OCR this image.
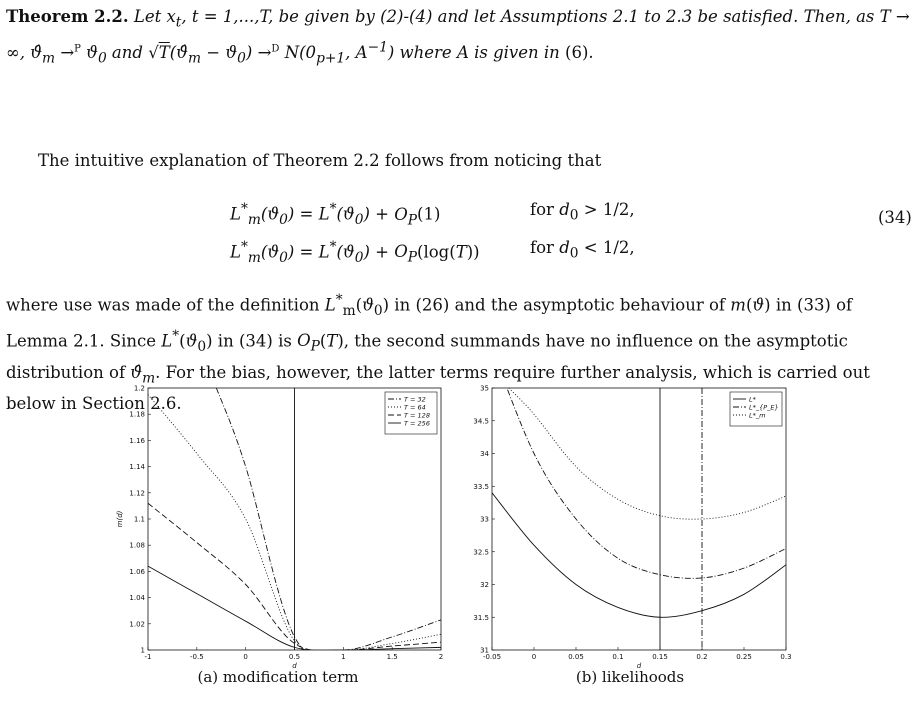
Theorem 2.2. Let $x_t$, t = 1,...,T, be given by (2)-(4) and let Assumptions 2.1 to 2.3 be satisfied. Then, as T → ∞, $ϑ̂_m \to^P$ $ϑ_0$ and $√T(ϑ̂_m - ϑ_0) \to^D$ $N(0_{p+1}$, $A^{-1}$) where A is given in (6).
The intuitive explanation of Theorem 2.2 follows from noticing that
$L^*_m(ϑ_0) = L^*(ϑ_0) + O_P(1)$	for $d_0 > 1/2$,
$L^*_m(ϑ_0) = L^*(ϑ_0) + O_P(\log(T))$	for $d_0 < 1/2$,
(34)
where use was made of the definition $L^*_m(ϑ_0)$ in (26) and the asymptotic behaviour of m(ϑ) in (33) of Lemma 2.1. Since $L^*(ϑ_0)$ in (34) is $O_P(T)$, the second summands have no influence on the asymptotic distribution of $ϑ̂_m$. For the bias, however, the latter terms require further analysis, which is carried out below in Section 2.6.
-1	-0.5	0	0.5	1	1.5	2
1
1.02
1.04
1.06
1.08
1.1
1.12
1.14
1.16
1.18
1.2
d
m(d)
T = 32
T = 64
T = 128
T = 256
(a) modification term
-0.05	0	0.05	0.1	0.15	0.2	0.25	0.3
31
31.5
32
32.5
33
33.5
34
34.5
35
d
L*
L*_{P_E}
L*_m
(b) likelihoods
